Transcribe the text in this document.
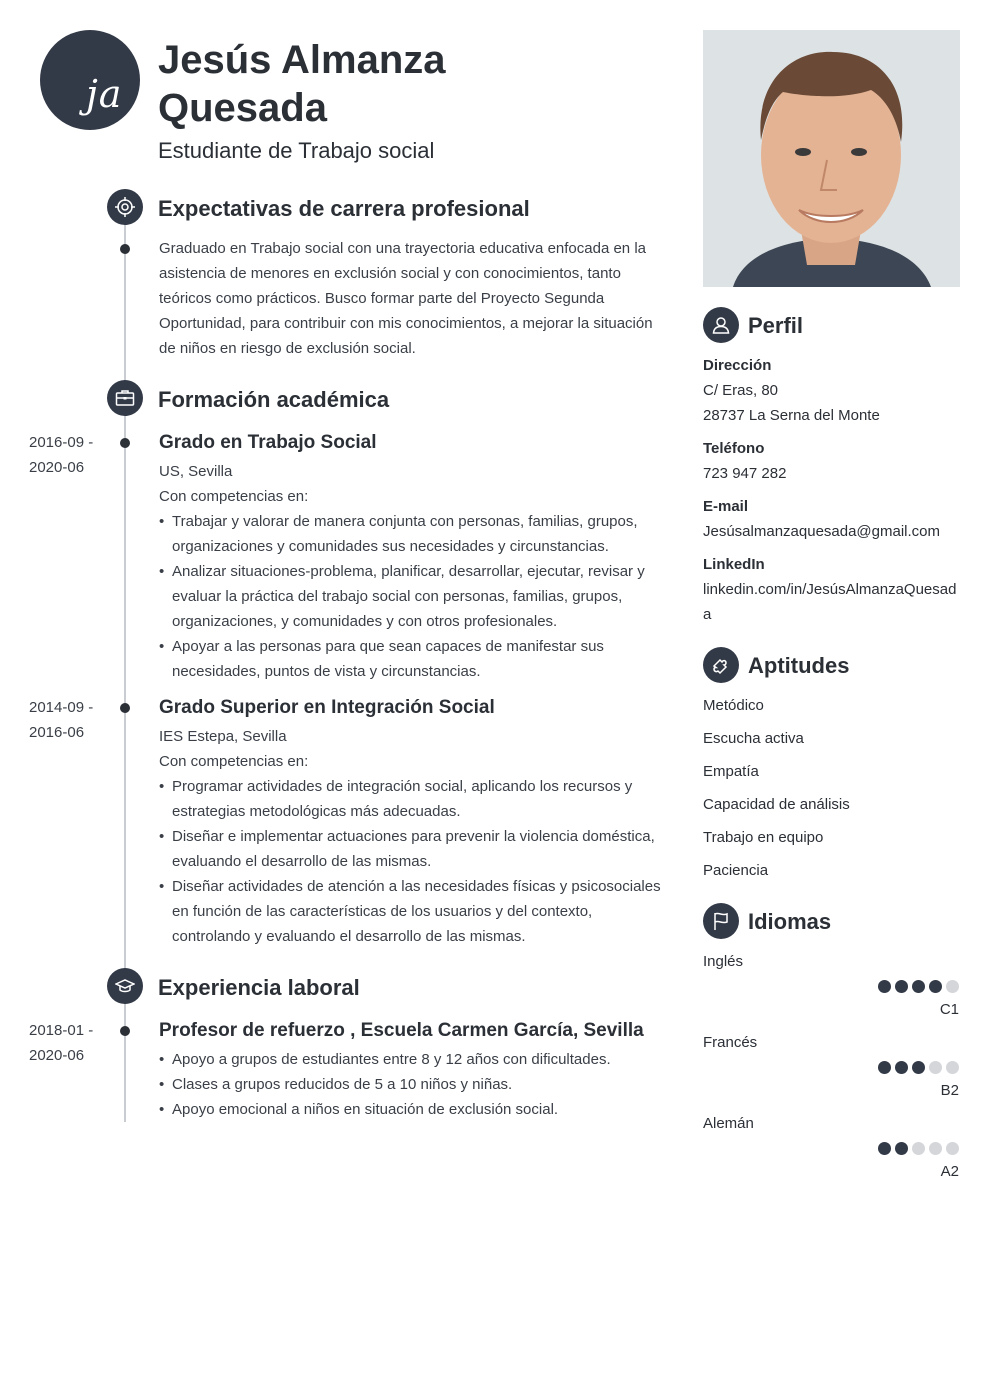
ja
Jesús Almanza Quesada
Estudiante de Trabajo social
Expectativas de carrera profesional
Graduado en Trabajo social con una trayectoria educativa enfocada en la asistencia de menores en exclusión social y con conocimientos, tanto teóricos como prácticos. Busco formar parte del Proyecto Segunda Oportunidad, para contribuir con mis conocimientos, a mejorar la situación de niños en riesgo de exclusión social.
Formación académica
2016-09 -
2020-06
Grado en Trabajo Social
US, Sevilla
Con competencias en:
• Trabajar y valorar de manera conjunta con personas, familias, grupos, organizaciones y comunidades sus necesidades y circunstancias.
• Analizar situaciones-problema, planificar, desarrollar, ejecutar, revisar y evaluar la práctica del trabajo social con personas, familias, grupos, organizaciones, y comunidades y con otros profesionales.
• Apoyar a las personas para que sean capaces de manifestar sus necesidades, puntos de vista y circunstancias.
2014-09 -
2016-06
Grado Superior en Integración Social
IES Estepa, Sevilla
Con competencias en:
• Programar actividades de integración social, aplicando los recursos y estrategias metodológicas más adecuadas.
• Diseñar e implementar actuaciones para prevenir la violencia doméstica, evaluando el desarrollo de las mismas.
• Diseñar actividades de atención a las necesidades físicas y psicosociales en función de las características de los usuarios y del contexto, controlando y evaluando el desarrollo de las mismas.
Experiencia laboral
2018-01 -
2020-06
Profesor de refuerzo , Escuela Carmen García, Sevilla
• Apoyo a grupos de estudiantes entre 8 y 12 años con dificultades.
• Clases a grupos reducidos de 5 a 10 niños y niñas.
• Apoyo emocional a niños en situación de exclusión social.
Perfil
Dirección
C/ Eras, 80
28737 La Serna del Monte
Teléfono
723 947 282
E-mail
Jesúsalmanzaquesada@gmail.com
LinkedIn
linkedin.com/in/JesúsAlmanzaQuesada
Aptitudes
Metódico
Escucha activa
Empatía
Capacidad de análisis
Trabajo en equipo
Paciencia
Idiomas
Inglés
C1
Francés
B2
Alemán
A2
